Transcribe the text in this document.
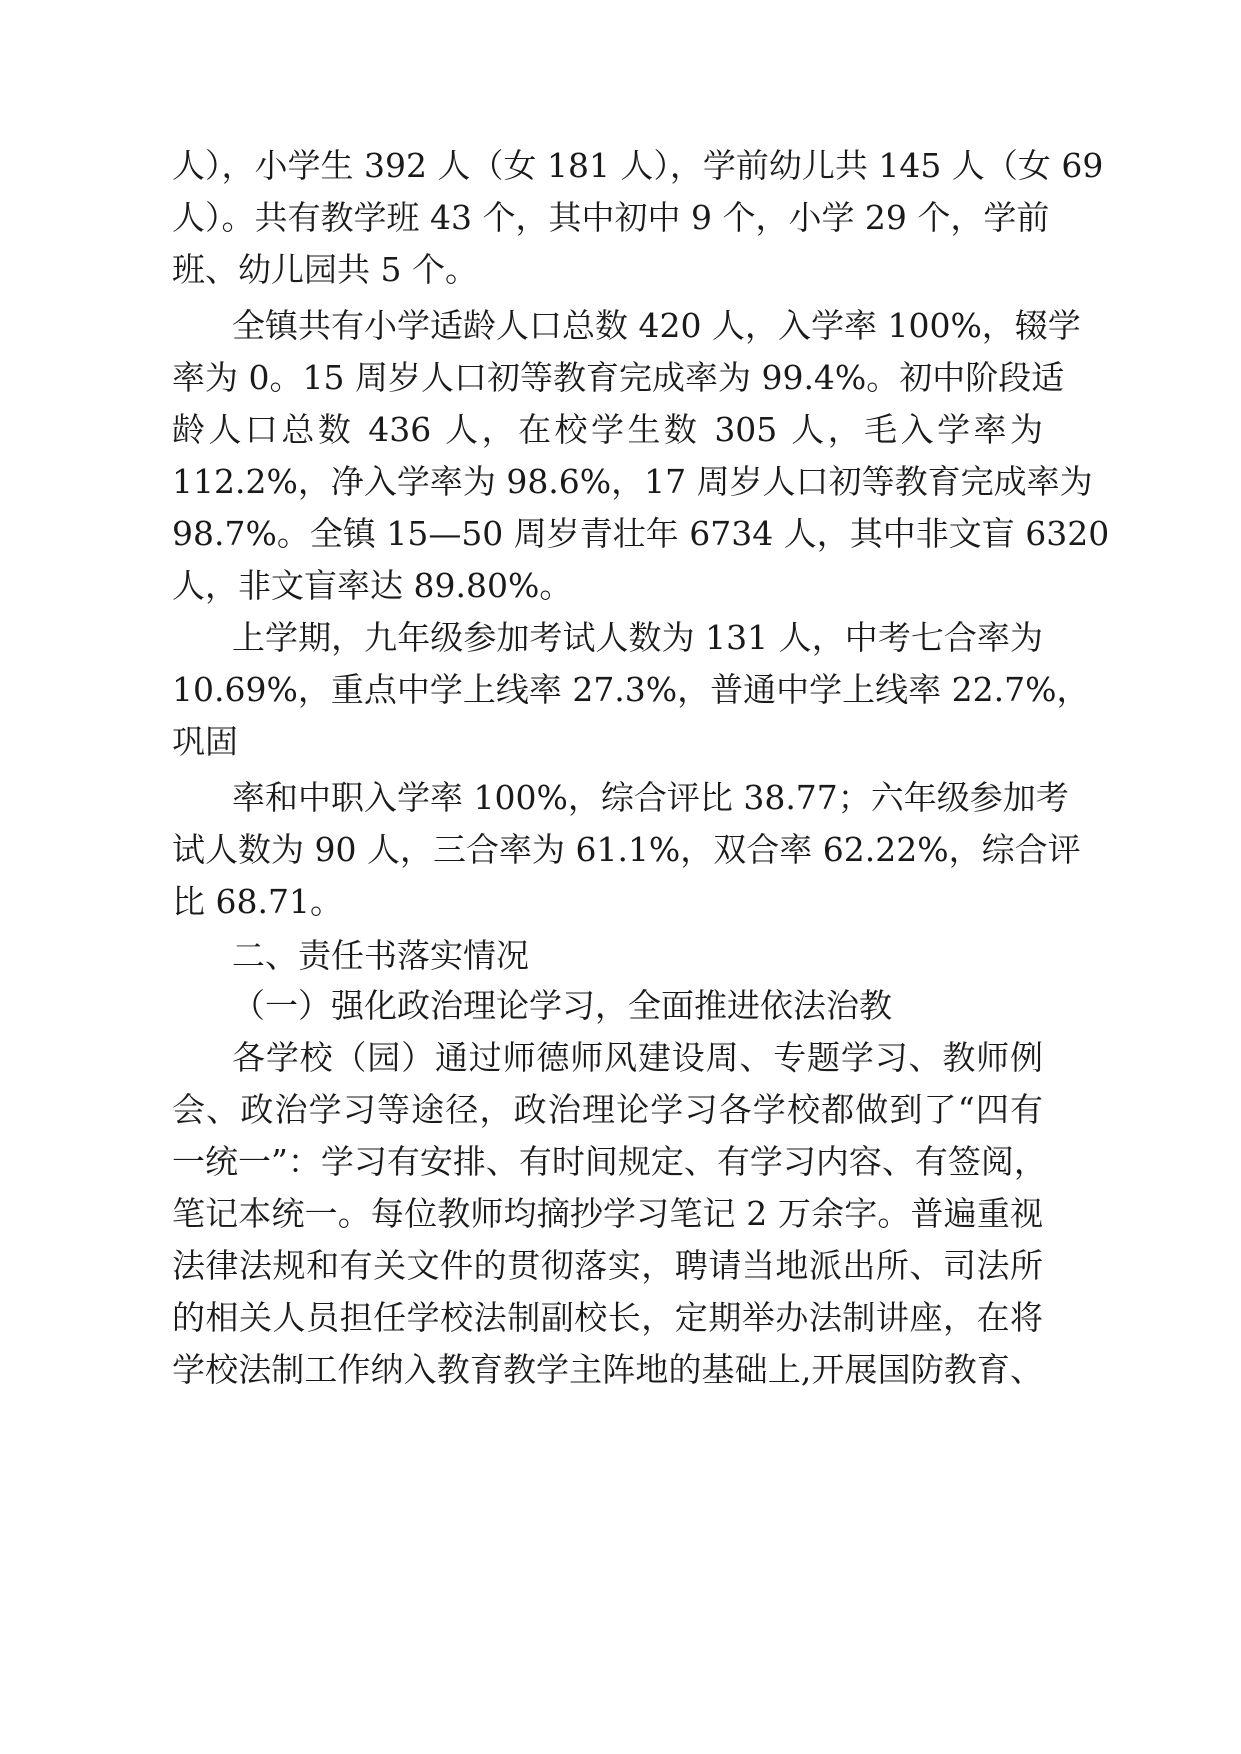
人），小学生 392 人（女 181 人），学前幼儿共 145 人（女 69

人）。共有教学班 43 个，其中初中 9 个，小学 29 个，学前

班、幼儿园共 5 个。

全镇共有小学适龄人口总数 420 人，入学率 100%，辍学

率为 0。15 周岁人口初等教育完成率为 99.4%。初中阶段适

龄人口总数 436 人，在校学生数 305 人，毛入学率为

112.2%，净入学率为 98.6%，17 周岁人口初等教育完成率为

98.7%。全镇 15—50 周岁青壮年 6734 人，其中非文盲 6320

人，非文盲率达 89.80%。

上学期，九年级参加考试人数为 131 人，中考七合率为

10.69%，重点中学上线率 27.3%，普通中学上线率 22.7%，

巩固

率和中职入学率 100%，综合评比 38.77；六年级参加考

试人数为 90 人，三合率为 61.1%，双合率 62.22%，综合评

比 68.71。

二、责任书落实情况

（一）强化政治理论学习，全面推进依法治教

各学校（园）通过师德师风建设周、专题学习、教师例

会、政治学习等途径，政治理论学习各学校都做到了“四有

一统一”：学习有安排、有时间规定、有学习内容、有签阅，

笔记本统一。每位教师均摘抄学习笔记 2 万余字。普遍重视

法律法规和有关文件的贯彻落实，聘请当地派出所、司法所

的相关人员担任学校法制副校长，定期举办法制讲座，在将

学校法制工作纳入教育教学主阵地的基础上,开展国防教育、
